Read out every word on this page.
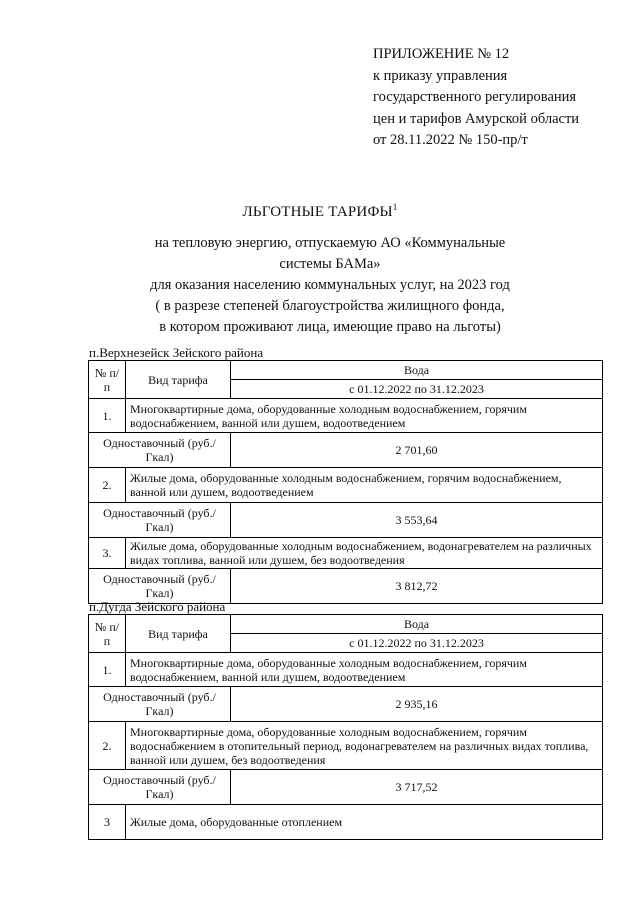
ПРИЛОЖЕНИЕ № 12
к приказу управления
государственного регулирования
цен и тарифов Амурской области
от 28.11.2022 № 150-пр/т
ЛЬГОТНЫЕ ТАРИФЫ$^1$
на тепловую энергию, отпускаемую АО «Коммунальные
системы БАМа»
для оказания населению коммунальных услуг, на 2023 год
( в разрезе степеней благоустройства жилищного фонда,
в котором проживают лица, имеющие право на льготы)
п.Верхнезейск Зейского района
№ п/п	Вид тарифа	Вода
		с 01.12.2022 по 31.12.2023
1.	Многоквартирные дома, оборудованные холодным водоснабжением, горячим водоснабжением, ванной или душем, водоотведением	
Одноставочный (руб./Гкал)		2 701,60
2.	Жилые дома, оборудованные холодным водоснабжением, горячим водоснабжением, ванной или душем, водоотведением	
Одноставочный (руб./Гкал)		3 553,64
3.	Жилые дома, оборудованные холодным водоснабжением, водонагревателем на различных видах топлива, ванной или душем, без водоотведения	
Одноставочный (руб./Гкал)		3 812,72
п.Дугда Зейского района
№ п/п	Вид тарифа	Вода
		с 01.12.2022 по 31.12.2023
1.	Многоквартирные дома, оборудованные холодным водоснабжением, горячим водоснабжением, ванной или душем, водоотведением	
Одноставочный (руб./Гкал)		2 935,16
2.	Многоквартирные дома, оборудованные холодным водоснабжением, горячим водоснабжением в отопительный период, водонагревателем на различных видах топлива, ванной или душем, без водоотведения	
Одноставочный (руб./Гкал)		3 717,52
3	Жилые дома, оборудованные отоплением	
